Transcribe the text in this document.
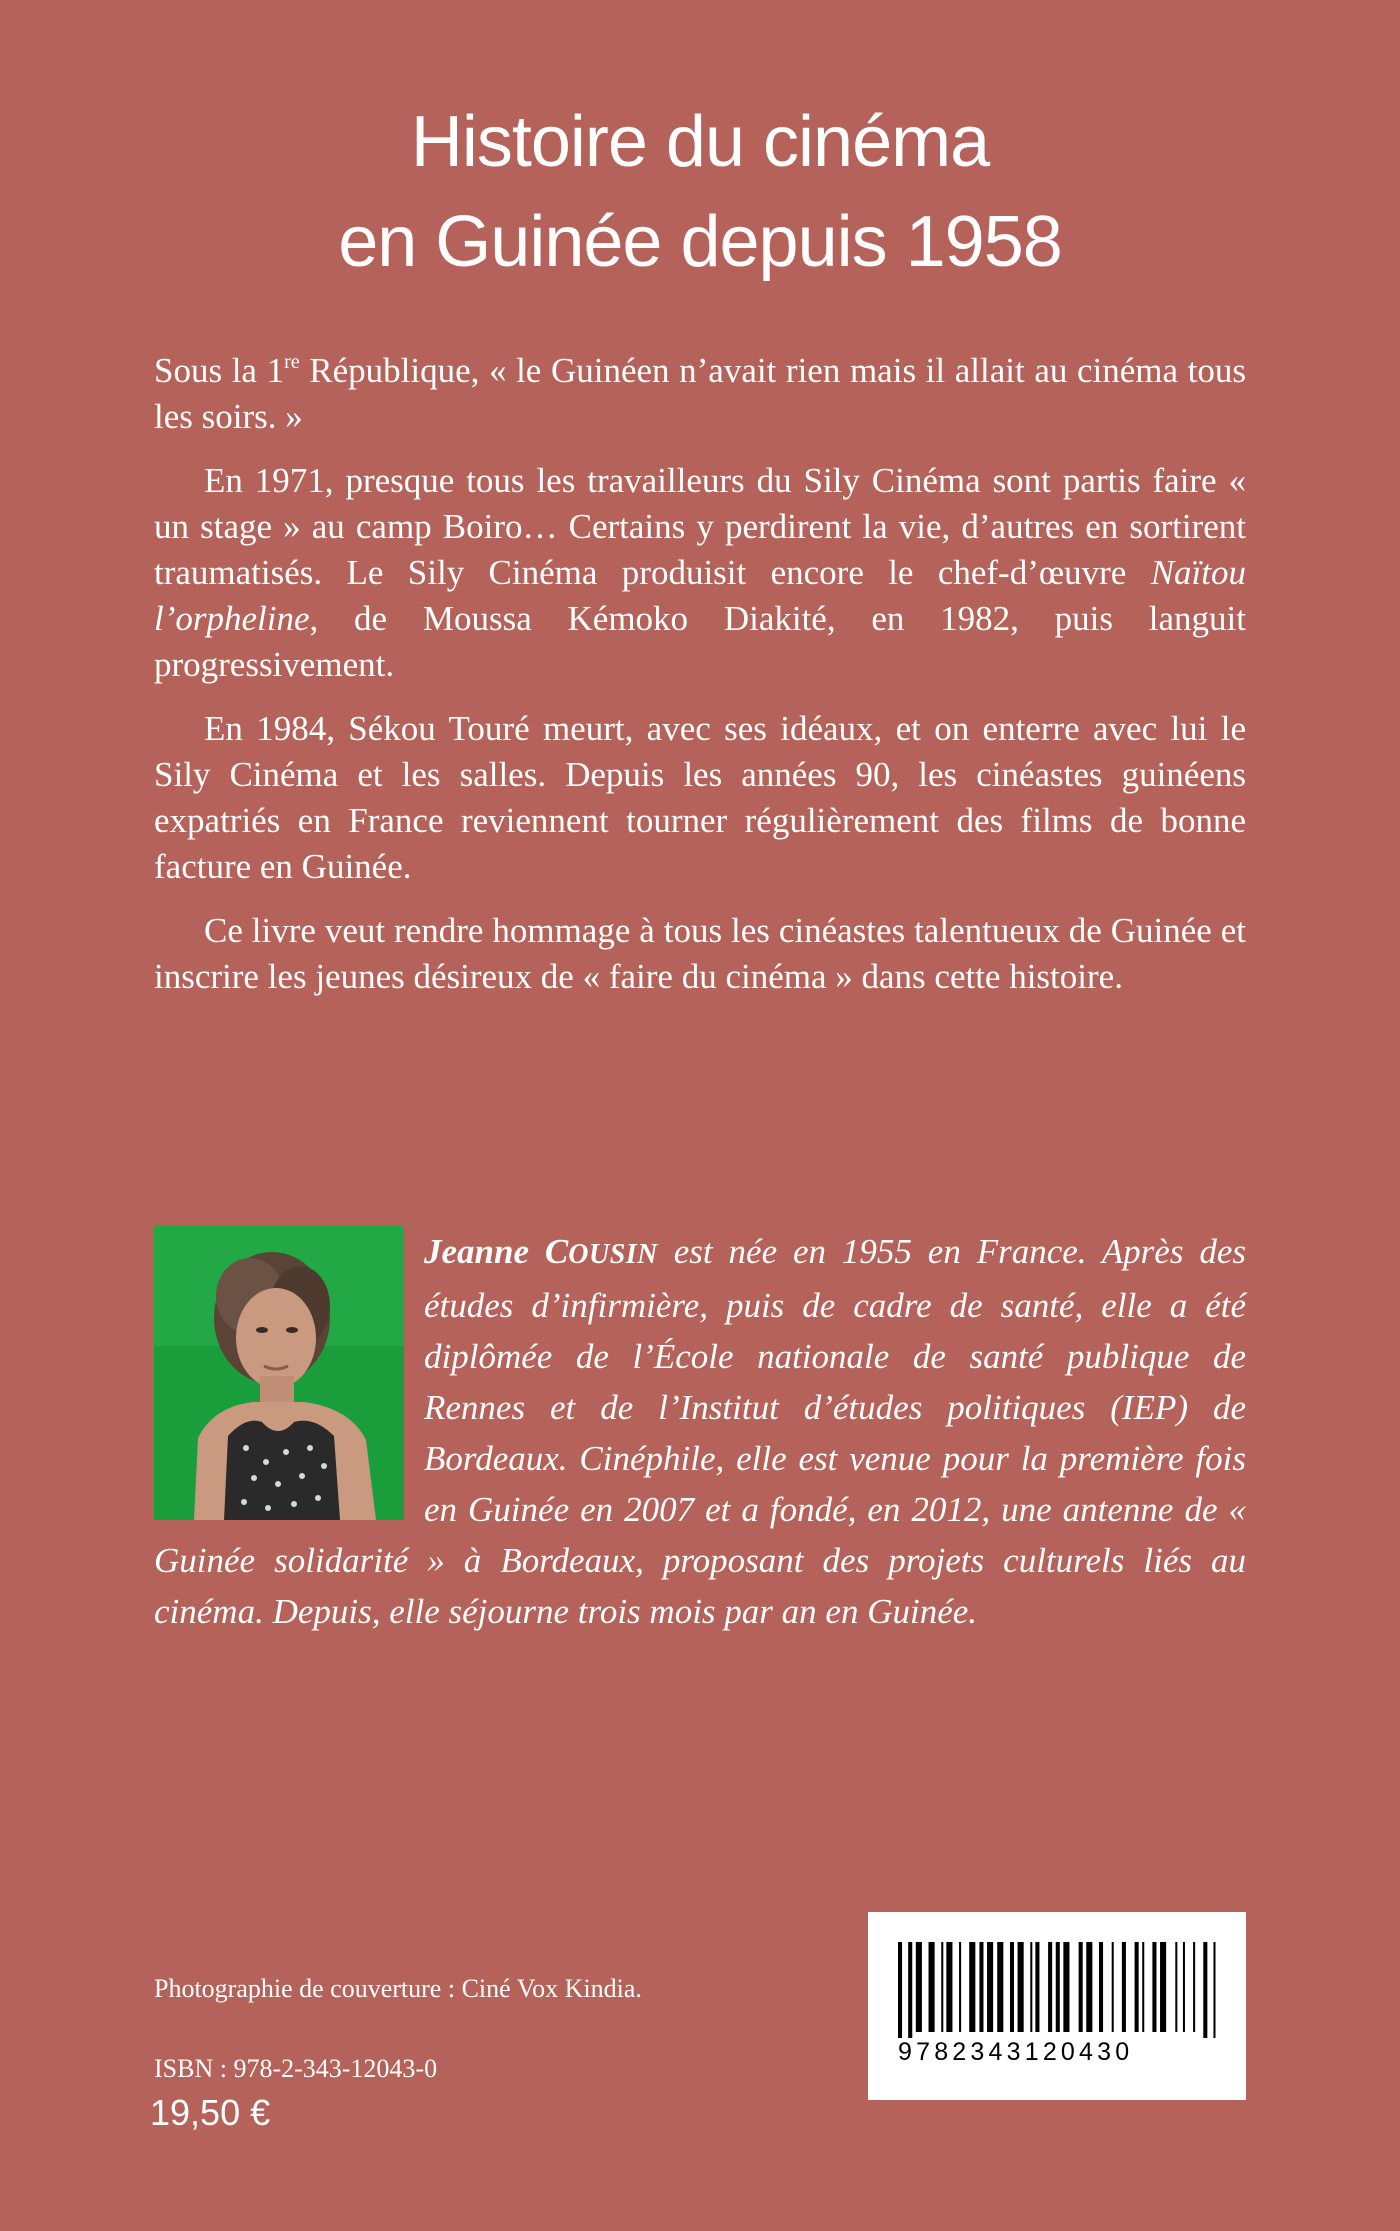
Histoire du cinéma
en Guinée depuis 1958

Sous la 1re République, « le Guinéen n’avait rien mais il allait au cinéma tous les soirs. »

En 1971, presque tous les travailleurs du Sily Cinéma sont partis faire « un stage » au camp Boiro… Certains y perdirent la vie, d’autres en sortirent traumatisés. Le Sily Cinéma produisit encore le chef-d’œuvre Naïtou l’orpheline, de Moussa Kémoko Diakité, en 1982, puis languit progressivement.

En 1984, Sékou Touré meurt, avec ses idéaux, et on enterre avec lui le Sily Cinéma et les salles. Depuis les années 90, les cinéastes guinéens expatriés en France reviennent tourner régulièrement des films de bonne facture en Guinée.

Ce livre veut rendre hommage à tous les cinéastes talentueux de Guinée et inscrire les jeunes désireux de « faire du cinéma » dans cette histoire.

Jeanne COUSIN est née en 1955 en France. Après des études d’infirmière, puis de cadre de santé, elle a été diplômée de l’École nationale de santé publique de Rennes et de l’Institut d’études politiques (IEP) de Bordeaux. Cinéphile, elle est venue pour la première fois en Guinée en 2007 et a fondé, en 2012, une antenne de « Guinée solidarité » à Bordeaux, proposant des projets culturels liés au cinéma. Depuis, elle séjourne trois mois par an en Guinée.
Photographie de couverture : Ciné Vox Kindia.
ISBN : 978-2-343-12043-0
19,50 €
9782343120430
